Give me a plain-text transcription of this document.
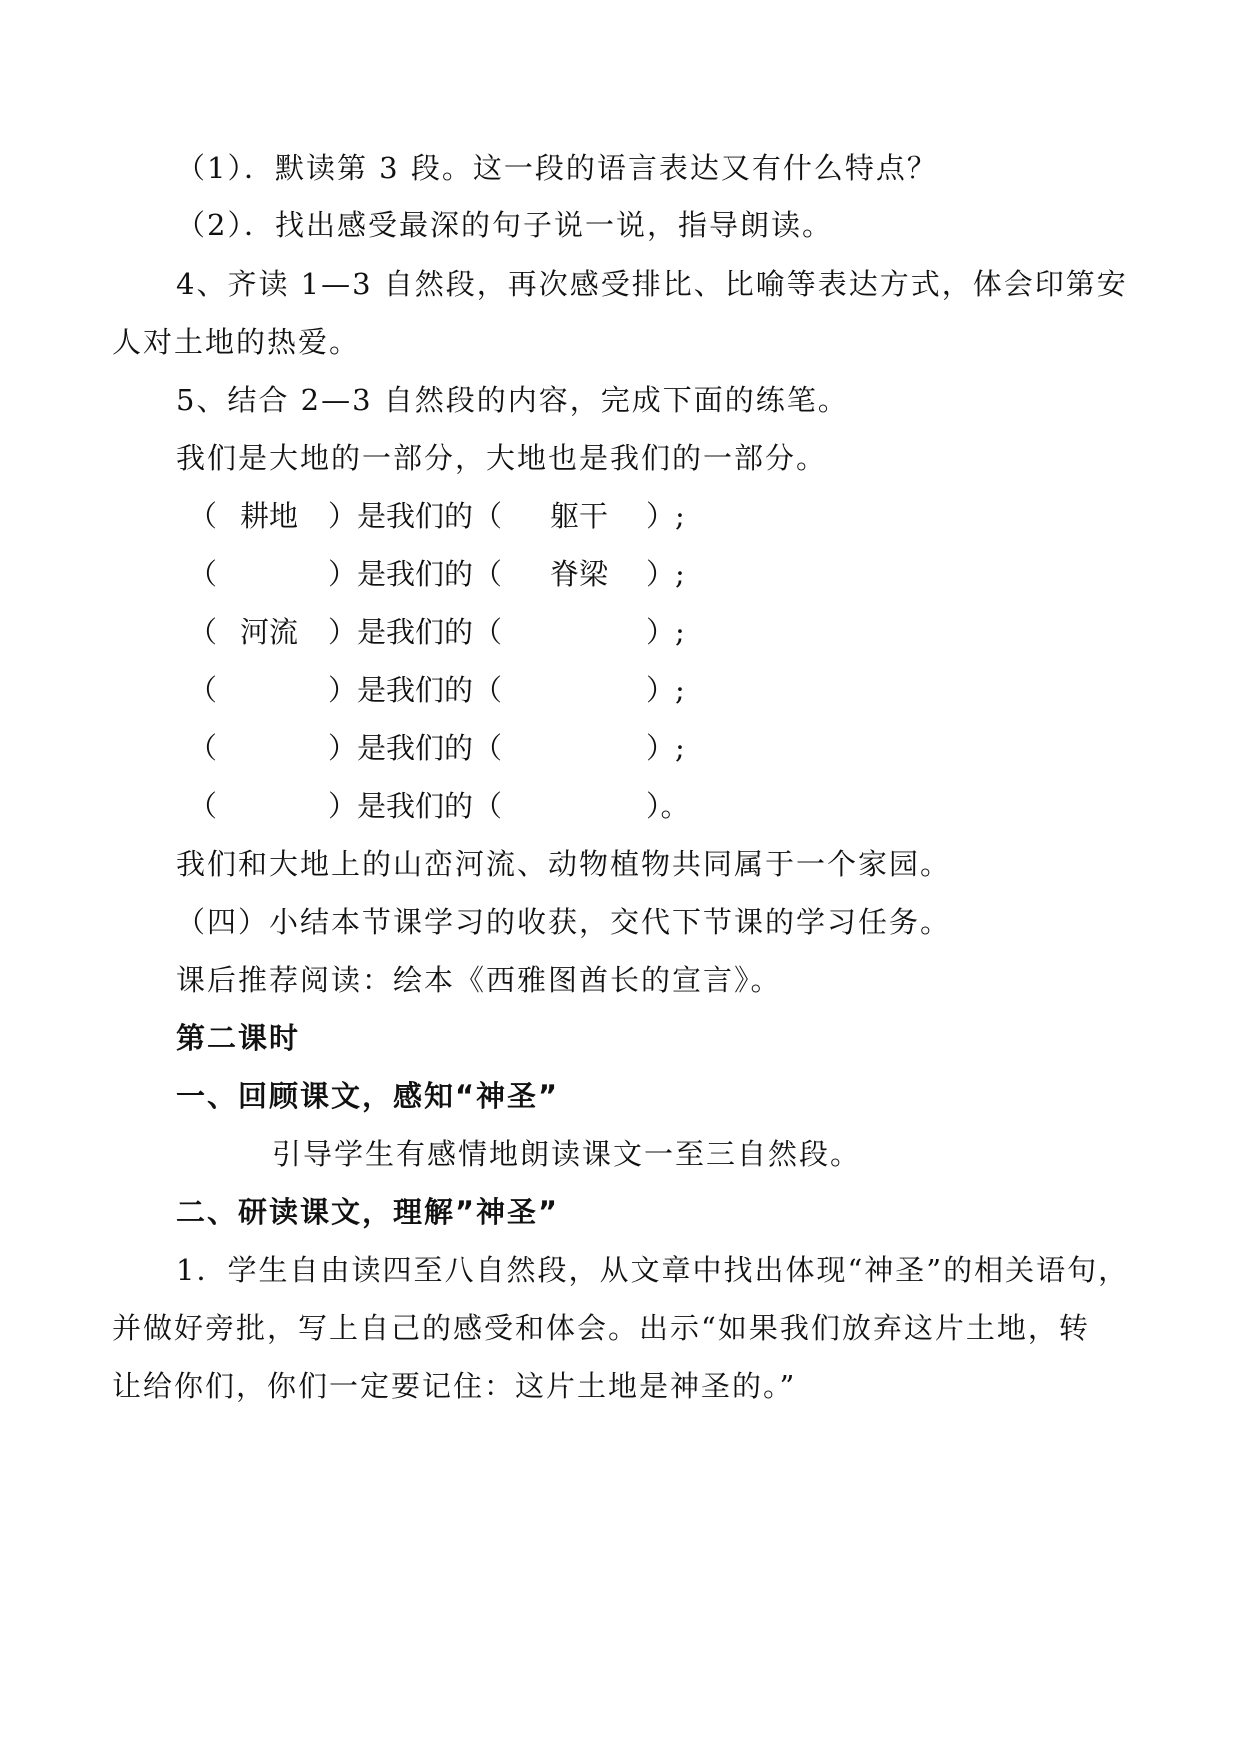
（1）．默读第 3 段。这一段的语言表达又有什么特点？
（2）．找出感受最深的句子说一说，指导朗读。
4、齐读 1—3 自然段，再次感受排比、比喻等表达方式，体会印第安
人对土地的热爱。
5、结合 2—3 自然段的内容，完成下面的练笔。
我们是大地的一部分，大地也是我们的一部分。
（ 耕地 ）是我们的（ 躯干 ）;
（	）是我们的（ 脊梁 ）;
（ 河流 ）是我们的（	）;
（	）是我们的（	）;
（	）是我们的（	）;
（	）是我们的（	）。
我们和大地上的山峦河流、动物植物共同属于一个家园。
（四）小结本节课学习的收获，交代下节课的学习任务。
课后推荐阅读：绘本《西雅图酋长的宣言》。
第二课时
一、回顾课文，感知“神圣”
引导学生有感情地朗读课文一至三自然段。
二、研读课文，理解”神圣”
1．学生自由读四至八自然段，从文章中找出体现“神圣”的相关语句，
并做好旁批，写上自己的感受和体会。出示“如果我们放弃这片土地，转
让给你们，你们一定要记住：这片土地是神圣的。”
